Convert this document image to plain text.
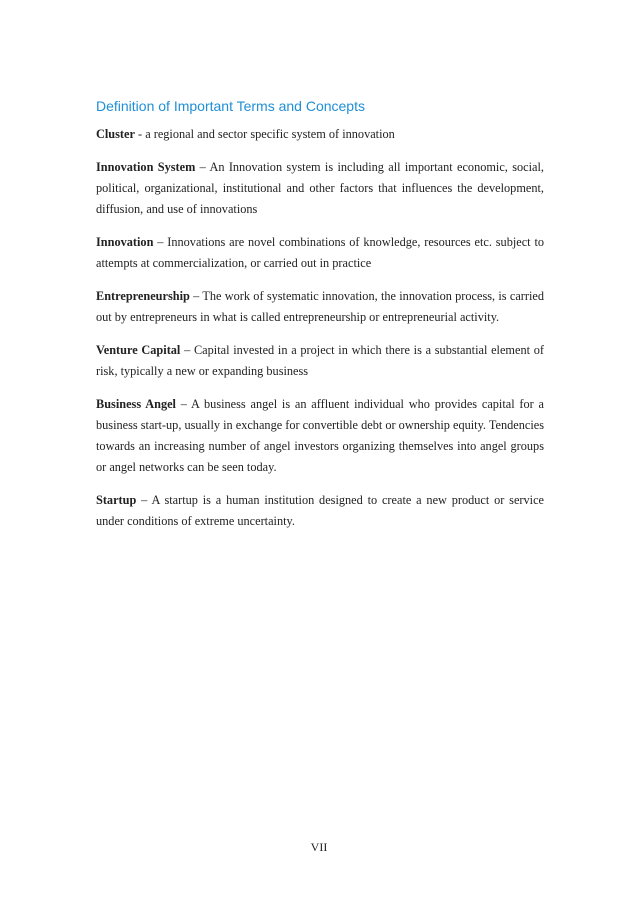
Definition of Important Terms and Concepts

Cluster - a regional and sector specific system of innovation

Innovation System – An Innovation system is including all important economic, social, political, organizational, institutional and other factors that influences the development, diffusion, and use of innovations

Innovation – Innovations are novel combinations of knowledge, resources etc. subject to attempts at commercialization, or carried out in practice

Entrepreneurship – The work of systematic innovation, the innovation process, is carried out by entrepreneurs in what is called entrepreneurship or entrepreneurial activity.

Venture Capital – Capital invested in a project in which there is a substantial element of risk, typically a new or expanding business

Business Angel – A business angel is an affluent individual who provides capital for a business start-up, usually in exchange for convertible debt or ownership equity. Tendencies towards an increasing number of angel investors organizing themselves into angel groups or angel networks can be seen today.

Startup – A startup is a human institution designed to create a new product or service under conditions of extreme uncertainty.

VII
